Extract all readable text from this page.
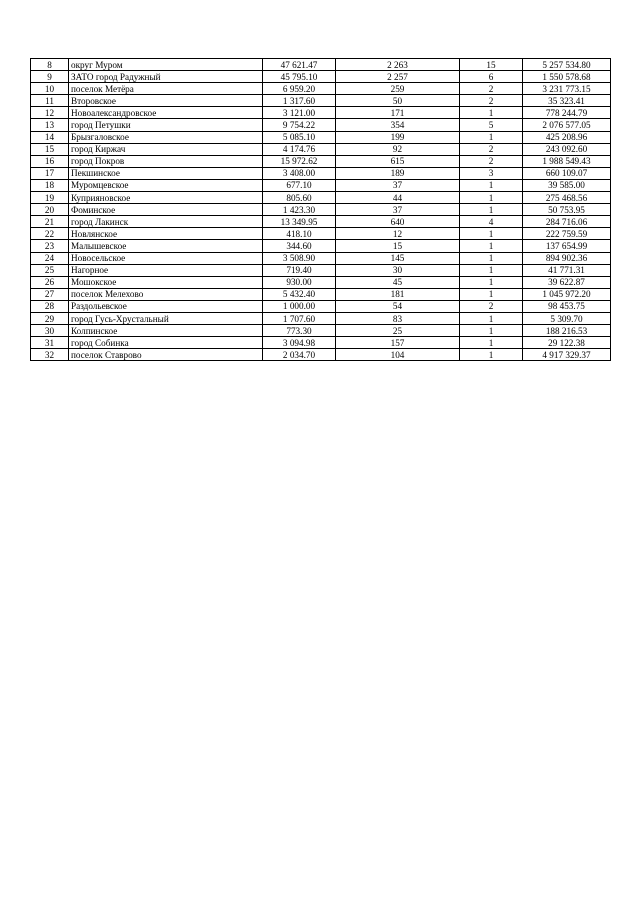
8	округ Муром	47 621.47	2 263	15	5 257 534.80
9	ЗАТО город Радужный	45 795.10	2 257	6	1 550 578.68
10	поселок Метёра	6 959.20	259	2	3 231 773.15
11	Второвское	1 317.60	50	2	35 323.41
12	Новоалександровское	3 121.00	171	1	778 244.79
13	город Петушки	9 754.22	354	5	2 076 577.05
14	Брызгаловское	5 085.10	199	1	425 208.96
15	город Киржач	4 174.76	92	2	243 092.60
16	город Покров	15 972.62	615	2	1 988 549.43
17	Пекшинское	3 408.00	189	3	660 109.07
18	Муромцевское	677.10	37	1	39 585.00
19	Куприяновское	805.60	44	1	275 468.56
20	Фоминское	1 423.30	37	1	50 753.95
21	город Лакинск	13 349.95	640	4	284 716.06
22	Новлянское	418.10	12	1	222 759.59
23	Малышевское	344.60	15	1	137 654.99
24	Новосельское	3 508.90	145	1	894 902.36
25	Нагорное	719.40	30	1	41 771.31
26	Мошокское	930.00	45	1	39 622.87
27	поселок Мелехово	5 432.40	181	1	1 045 972.20
28	Раздольевское	1 000.00	54	2	98 453.75
29	город Гусь-Хрустальный	1 707.60	83	1	5 309.70
30	Колпинское	773.30	25	1	188 216.53
31	город Собинка	3 094.98	157	1	29 122.38
32	поселок Ставрово	2 034.70	104	1	4 917 329.37
